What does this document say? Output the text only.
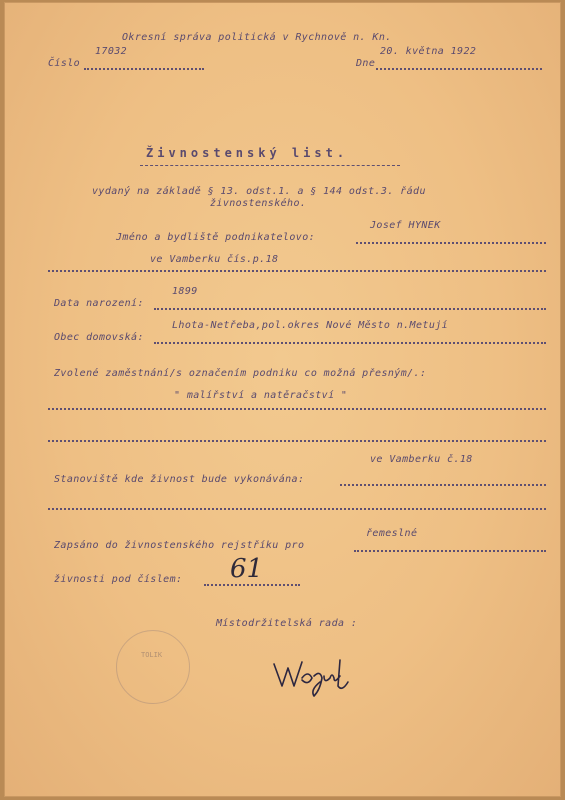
Okresní správa politická v Rychnově n. Kn.
17032
Číslo
20. května 1922
Dne
Živnostenský list.
vydaný na základě § 13. odst.1. a § 144 odst.3. řádu
živnostenského.
Josef HYNEK
Jméno a bydliště podnikatelovo:
ve Vamberku čís.p.18
1899
Data narození:
Lhota-Netřeba,pol.okres Nové Město n.Metují
Obec domovská:
Zvolené zaměstnání/s označením podniku co možná přesným/.:
" malířství a natěračství "
ve Vamberku č.18
Stanoviště kde živnost bude vykonávána:
řemeslné
Zapsáno do živnostenského rejstříku pro
61
živnosti pod číslem:
Místodržitelská rada :
TOLIK
